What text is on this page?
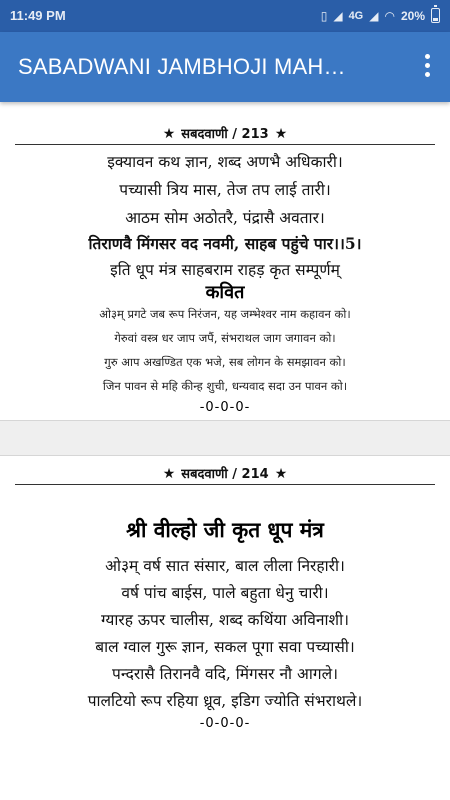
11:49 PM	▯ ◢ 4G ◢ ◠ 20%
SABADWANI JAMBHOJI MAH…
★ सबदवाणी / 213 ★
इक्यावन कथ ज्ञान, शब्द अणभै अधिकारी।
पच्यासी त्रिय मास, तेज तप लाई तारी।
आठम सोम अठोतरै, पंद्रासै अवतार।
तिराणवै मिंगसर वद नवमी, साहब पहुंचे पार।।5।
इति धूप मंत्र साहबराम राहड़ कृत सम्पूर्णम्
कवित
ओ३म् प्रगटे जब रूप निरंजन, यह जम्भेश्वर नाम कहावन को।
गेरुवां वस्त्र धर जाप जपैं, संभराथल जाग जगावन को।
गुरु आप अखण्डित एक भजे, सब लोगन के समझावन को।
जिन पावन से महि कीन्ह शुची, धन्यवाद सदा उन पावन को।
-0-0-0-
★ सबदवाणी / 214 ★
श्री वील्हो जी कृत धूप मंत्र
ओ३म् वर्ष सात संसार, बाल लीला निरहारी।
वर्ष पांच बाईस, पाले बहुता धेनु चारी।
ग्यारह ऊपर चालीस, शब्द कथिंया अविनाशी।
बाल ग्वाल गुरू ज्ञान, सकल पूगा सवा पच्यासी।
पन्दरासै तिरानवै वदि, मिंगसर नौ आगले।
पालटियो रूप रहिया ध्रूव, इडिग ज्योति संभराथले।
-0-0-0-
